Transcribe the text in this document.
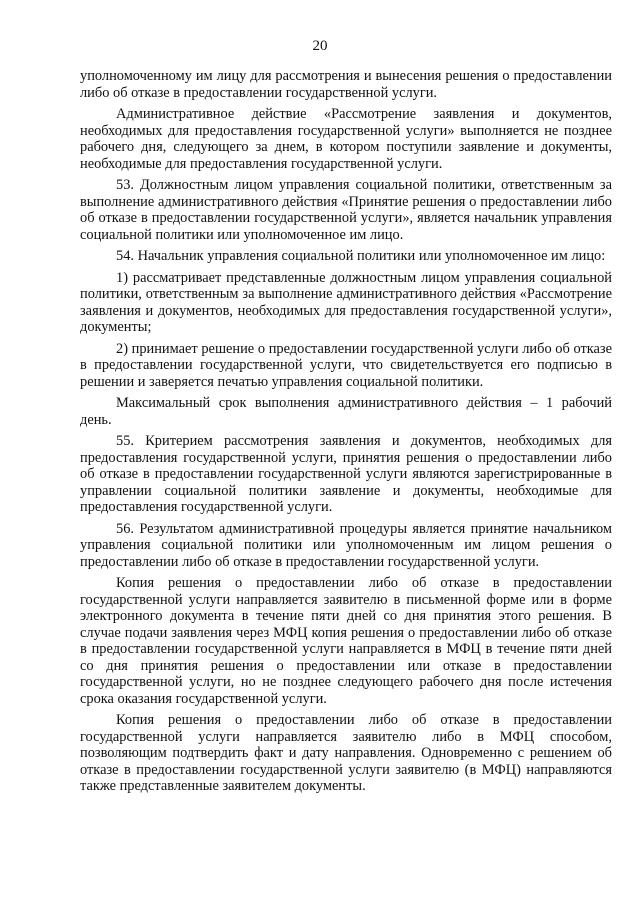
20

уполномоченному им лицу для рассмотрения и вынесения решения о предоставлении либо об отказе в предоставлении государственной услуги.

Административное действие «Рассмотрение заявления и документов, необходимых для предоставления государственной услуги» выполняется не позднее рабочего дня, следующего за днем, в котором поступили заявление и документы, необходимые для предоставления государственной услуги.

53. Должностным лицом управления социальной политики, ответственным за выполнение административного действия «Принятие решения о предоставлении либо об отказе в предоставлении государственной услуги», является начальник управления социальной политики или уполномоченное им лицо.

54. Начальник управления социальной политики или уполномоченное им лицо:

1) рассматривает представленные должностным лицом управления социальной политики, ответственным за выполнение административного действия «Рассмотрение заявления и документов, необходимых для предоставления государственной услуги», документы;

2) принимает решение о предоставлении государственной услуги либо об отказе в предоставлении государственной услуги, что свидетельствуется его подписью в решении и заверяется печатью управления социальной политики.

Максимальный срок выполнения административного действия – 1 рабочий день.

55. Критерием рассмотрения заявления и документов, необходимых для предоставления государственной услуги, принятия решения о предоставлении либо об отказе в предоставлении государственной услуги являются зарегистрированные в управлении социальной политики заявление и документы, необходимые для предоставления государственной услуги.

56. Результатом административной процедуры является принятие начальником управления социальной политики или уполномоченным им лицом решения о предоставлении либо об отказе в предоставлении государственной услуги.

Копия решения о предоставлении либо об отказе в предоставлении государственной услуги направляется заявителю в письменной форме или в форме электронного документа в течение пяти дней со дня принятия этого решения. В случае подачи заявления через МФЦ копия решения о предоставлении либо об отказе в предоставлении государственной услуги направляется в МФЦ в течение пяти дней со дня принятия решения о предоставлении или отказе в предоставлении государственной услуги, но не позднее следующего рабочего дня после истечения срока оказания государственной услуги.

Копия решения о предоставлении либо об отказе в предоставлении государственной услуги направляется заявителю либо в МФЦ способом, позволяющим подтвердить факт и дату направления. Одновременно с решением об отказе в предоставлении государственной услуги заявителю (в МФЦ) направляются также представленные заявителем документы.
